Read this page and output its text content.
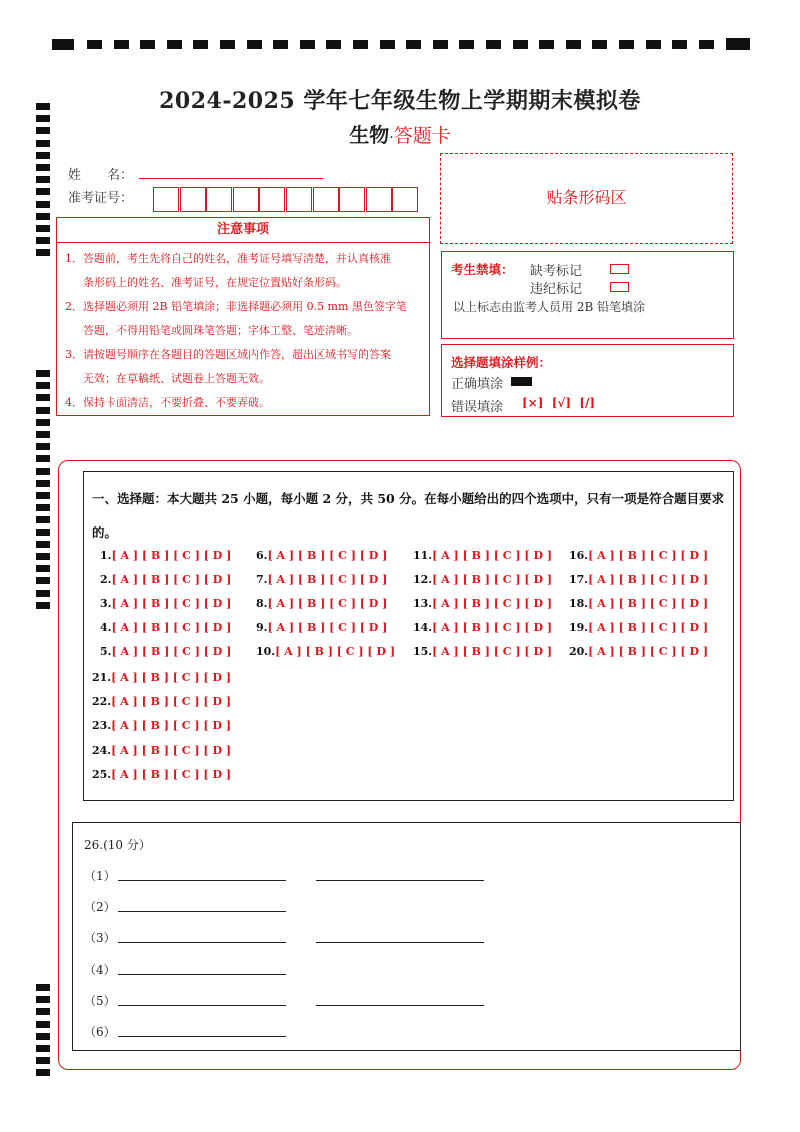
2024-2025 学年七年级生物上学期期末模拟卷
生物·答题卡
姓　　名：
准考证号：
注意事项
1．答题前，考生先将自己的姓名，准考证号填写清楚，并认真核准
条形码上的姓名、准考证号，在规定位置贴好条形码。
2．选择题必须用 2B 铅笔填涂；非选择题必须用 0.5 mm 黑色签字笔
答题，不得用铅笔或圆珠笔答题；字体工整、笔迹清晰。
3．请按题号顺序在各题目的答题区域内作答，超出区域书写的答案
无效；在草稿纸、试题卷上答题无效。
4．保持卡面清洁，不要折叠、不要弄破。
贴条形码区
考生禁填： 缺考标记
违纪标记
以上标志由监考人员用 2B 铅笔填涂
选择题填涂样例：
正确填涂
错误填涂 [×]  [√]  [/]
一、选择题：本大题共 25 小题，每小题 2 分，共 50 分。在每小题给出的四个选项中，只有一项是符合题目要求的。
1.[ A ] [ B ] [ C ] [ D ]
2.[ A ] [ B ] [ C ] [ D ]
3.[ A ] [ B ] [ C ] [ D ]
4.[ A ] [ B ] [ C ] [ D ]
5.[ A ] [ B ] [ C ] [ D ]
6.[ A ] [ B ] [ C ] [ D ]
7.[ A ] [ B ] [ C ] [ D ]
8.[ A ] [ B ] [ C ] [ D ]
9.[ A ] [ B ] [ C ] [ D ]
10.[ A ] [ B ] [ C ] [ D ]
11.[ A ] [ B ] [ C ] [ D ]
12.[ A ] [ B ] [ C ] [ D ]
13.[ A ] [ B ] [ C ] [ D ]
14.[ A ] [ B ] [ C ] [ D ]
15.[ A ] [ B ] [ C ] [ D ]
16.[ A ] [ B ] [ C ] [ D ]
17.[ A ] [ B ] [ C ] [ D ]
18.[ A ] [ B ] [ C ] [ D ]
19.[ A ] [ B ] [ C ] [ D ]
20.[ A ] [ B ] [ C ] [ D ]
21.[ A ] [ B ] [ C ] [ D ]
22.[ A ] [ B ] [ C ] [ D ]
23.[ A ] [ B ] [ C ] [ D ]
24.[ A ] [ B ] [ C ] [ D ]
25.[ A ] [ B ] [ C ] [ D ]
26.(10 分）
（1）
（2）
（3）
（4）
（5）
（6）
